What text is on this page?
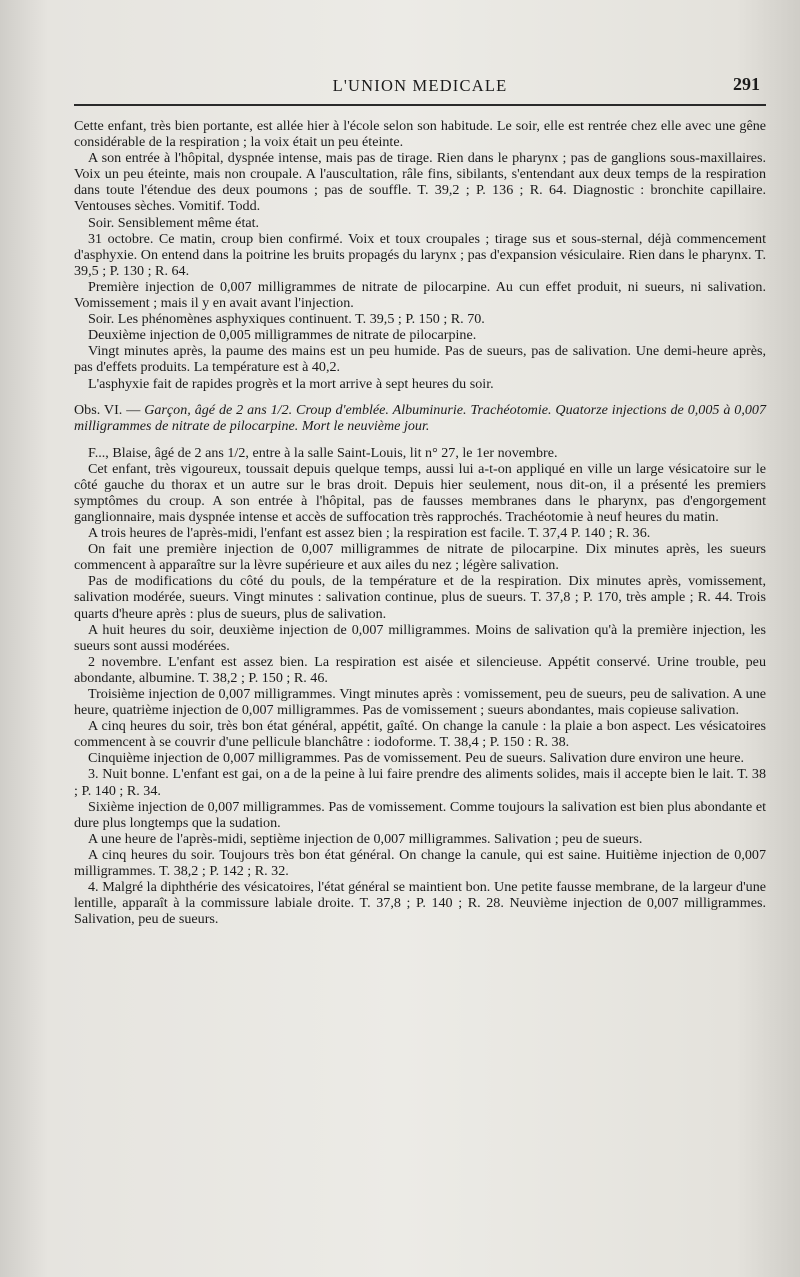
L'UNION MEDICALE	291

Cette enfant, très bien portante, est allée hier à l'école selon son habitude. Le soir, elle est rentrée chez elle avec une gêne considérable de la respiration ; la voix était un peu éteinte.

A son entrée à l'hôpital, dyspnée intense, mais pas de tirage. Rien dans le pharynx ; pas de ganglions sous-maxillaires. Voix un peu éteinte, mais non croupale. A l'auscultation, râle fins, sibilants, s'entendant aux deux temps de la respiration dans toute l'étendue des deux poumons ; pas de souffle. T. 39,2 ; P. 136 ; R. 64. Diagnostic : bronchite capillaire. Ventouses sèches. Vomitif. Todd.

Soir. Sensiblement même état.

31 octobre. Ce matin, croup bien confirmé. Voix et toux croupales ; tirage sus et sous-sternal, déjà commencement d'asphyxie. On entend dans la poitrine les bruits propagés du larynx ; pas d'expansion vésiculaire. Rien dans le pharynx. T. 39,5 ; P. 130 ; R. 64.

Première injection de 0,007 milligrammes de nitrate de pilocarpine. Au cun effet produit, ni sueurs, ni salivation. Vomissement ; mais il y en avait avant l'injection.

Soir. Les phénomènes asphyxiques continuent. T. 39,5 ; P. 150 ; R. 70.

Deuxième injection de 0,005 milligrammes de nitrate de pilocarpine.

Vingt minutes après, la paume des mains est un peu humide. Pas de sueurs, pas de salivation. Une demi-heure après, pas d'effets produits. La température est à 40,2.

L'asphyxie fait de rapides progrès et la mort arrive à sept heures du soir.

Obs. VI. — Garçon, âgé de 2 ans 1/2. Croup d'emblée. Albuminurie. Trachéotomie. Quatorze injections de 0,005 à 0,007 milligrammes de nitrate de pilocarpine. Mort le neuvième jour.

F..., Blaise, âgé de 2 ans 1/2, entre à la salle Saint-Louis, lit n° 27, le 1er novembre.

Cet enfant, très vigoureux, toussait depuis quelque temps, aussi lui a-t-on appliqué en ville un large vésicatoire sur le côté gauche du thorax et un autre sur le bras droit. Depuis hier seulement, nous dit-on, il a présenté les premiers symptômes du croup. A son entrée à l'hôpital, pas de fausses membranes dans le pharynx, pas d'engorgement ganglionnaire, mais dyspnée intense et accès de suffocation très rapprochés. Trachéotomie à neuf heures du matin.

A trois heures de l'après-midi, l'enfant est assez bien ; la respiration est facile. T. 37,4 P. 140 ; R. 36.

On fait une première injection de 0,007 milligrammes de nitrate de pilocarpine. Dix minutes après, les sueurs commencent à apparaître sur la lèvre supérieure et aux ailes du nez ; légère salivation.

Pas de modifications du côté du pouls, de la température et de la respiration. Dix minutes après, vomissement, salivation modérée, sueurs. Vingt minutes : salivation continue, plus de sueurs. T. 37,8 ; P. 170, très ample ; R. 44. Trois quarts d'heure après : plus de sueurs, plus de salivation.

A huit heures du soir, deuxième injection de 0,007 milligrammes. Moins de salivation qu'à la première injection, les sueurs sont aussi modérées.

2 novembre. L'enfant est assez bien. La respiration est aisée et silencieuse. Appétit conservé. Urine trouble, peu abondante, albumine. T. 38,2 ; P. 150 ; R. 46.

Troisième injection de 0,007 milligrammes. Vingt minutes après : vomissement, peu de sueurs, peu de salivation. A une heure, quatrième injection de 0,007 milligrammes. Pas de vomissement ; sueurs abondantes, mais copieuse salivation.

A cinq heures du soir, très bon état général, appétit, gaîté. On change la canule : la plaie a bon aspect. Les vésicatoires commencent à se couvrir d'une pellicule blanchâtre : iodoforme. T. 38,4 ; P. 150 : R. 38.

Cinquième injection de 0,007 milligrammes. Pas de vomissement. Peu de sueurs. Salivation dure environ une heure.

3. Nuit bonne. L'enfant est gai, on a de la peine à lui faire prendre des aliments solides, mais il accepte bien le lait. T. 38 ; P. 140 ; R. 34.

Sixième injection de 0,007 milligrammes. Pas de vomissement. Comme toujours la salivation est bien plus abondante et dure plus longtemps que la sudation.

A une heure de l'après-midi, septième injection de 0,007 milligrammes. Salivation ; peu de sueurs.

A cinq heures du soir. Toujours très bon état général. On change la canule, qui est saine. Huitième injection de 0,007 milligrammes. T. 38,2 ; P. 142 ; R. 32.

4. Malgré la diphthérie des vésicatoires, l'état général se maintient bon. Une petite fausse membrane, de la largeur d'une lentille, apparaît à la commissure labiale droite. T. 37,8 ; P. 140 ; R. 28. Neuvième injection de 0,007 milligrammes. Salivation, peu de sueurs.
